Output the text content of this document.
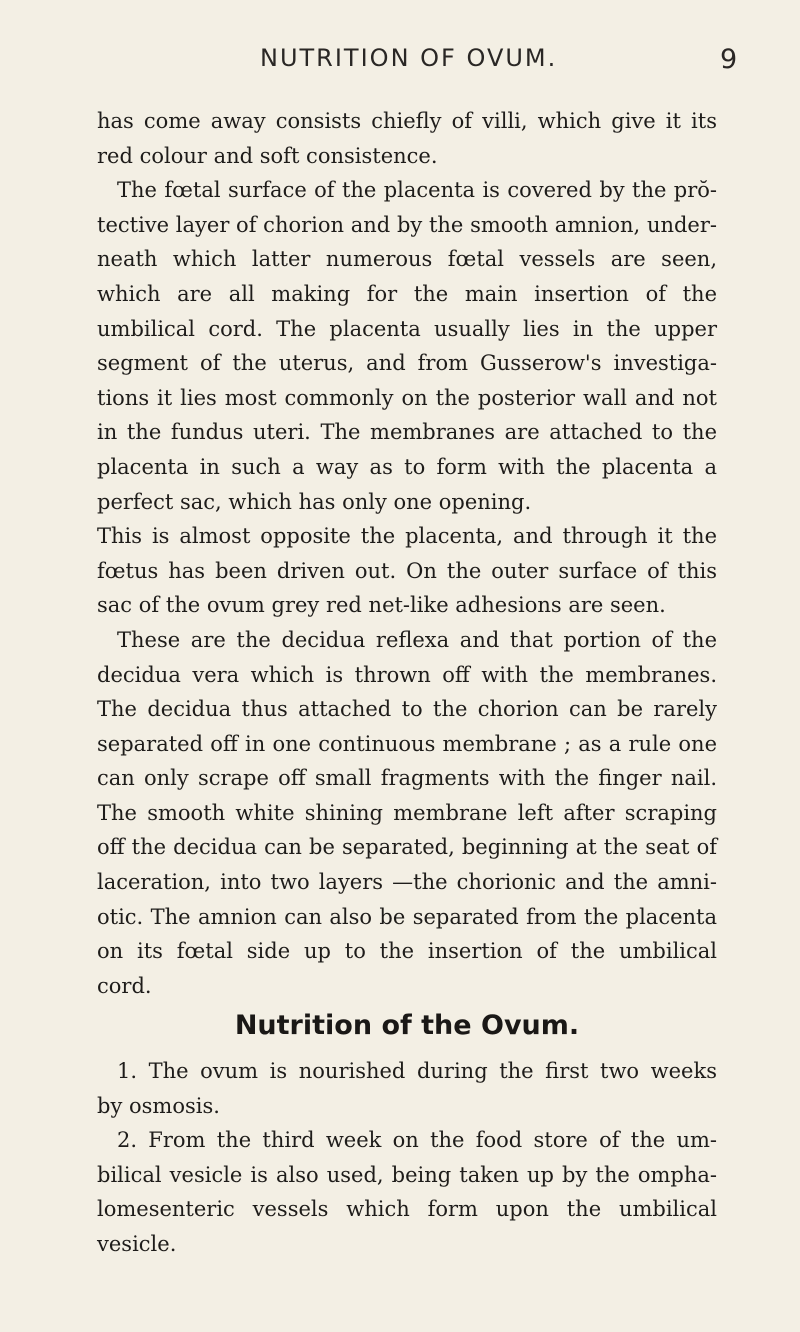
NUTRITION OF OVUM.	9
has come away consists chiefly of villi, which give it its
red colour and soft consistence.
The fœtal surface of the placenta is covered by the prŏ-
tective layer of chorion and by the smooth amnion, under-
neath which latter numerous fœtal vessels are seen,
which are all making for the main insertion of the
umbilical cord. The placenta usually lies in the upper
segment of the uterus, and from Gusserow's investiga-
tions it lies most commonly on the posterior wall and not
in the fundus uteri. The membranes are attached to the
placenta in such a way as to form with the placenta a
perfect sac, which has only one opening.
This is almost opposite the placenta, and through it the
fœtus has been driven out. On the outer surface of this
sac of the ovum grey red net-like adhesions are seen.
These are the decidua reflexa and that portion of the
decidua vera which is thrown off with the membranes.
The decidua thus attached to the chorion can be rarely
separated off in one continuous membrane ; as a rule one
can only scrape off small fragments with the finger nail.
The smooth white shining membrane left after scraping
off the decidua can be separated, beginning at the seat of
laceration, into two layers —the chorionic and the amni-
otic. The amnion can also be separated from the placenta
on its fœtal side up to the insertion of the umbilical
cord.
Nutrition of the Ovum.
1. The ovum is nourished during the first two weeks
by osmosis.
2. From the third week on the food store of the um-
bilical vesicle is also used, being taken up by the ompha-
lomesenteric vessels which form upon the umbilical
vesicle.
